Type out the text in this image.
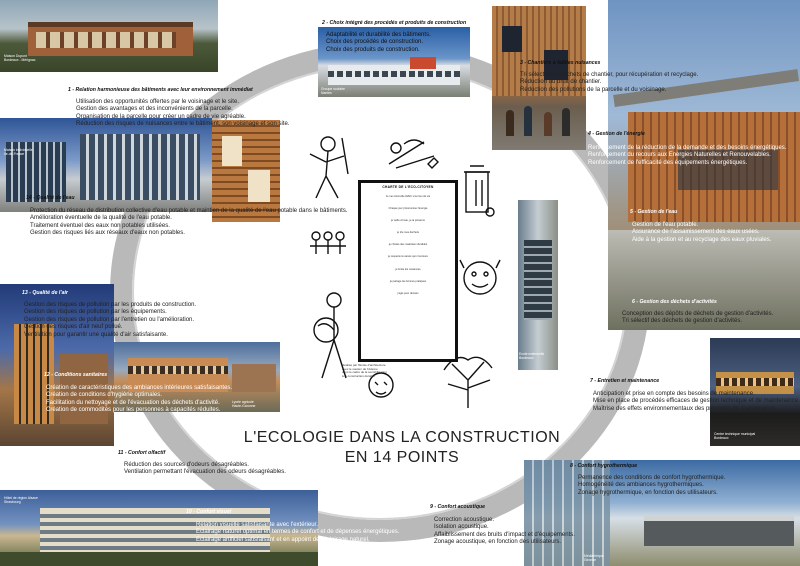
Maison Dupont
Bordeaux - Mérignac
Groupe scolaire
Nantes
Ecole maternelle
Bordeaux
Centre technique municipal
Bordeaux
Médiathèque
Gironde
Hôtel de région Alsace
Strasbourg
Lycée agricole
Haute-Garonne
Maison individuelle
Ile-de-France
CHARTE DE L'ECO-CITOYEN
Je me réconcilie AVEC mon lieu de vie
Chaque jour j'économise l'énergie
je veille à l'eau, je la préserve
je trie mes déchets
je choisis des matériaux durables
je respecte la nature qui m'entoure
je limite les nuisances
je partage les bonnes pratiques
j'agis pour demain
Réalisé par l'Ecole d'architecture
avec le soutien de l'Ademe
dans le cadre de la sensibilisation
à la construction durable
L'ECOLOGIE DANS LA CONSTRUCTION
EN 14 POINTS
1 - Relation harmonieuse des bâtiments avec leur environnement immédiat
Utilisation des opportunités offertes par le voisinage et le site.
Gestion des avantages et des inconvénients de la parcelle.
Organisation de la parcelle pour créer un cadre de vie agréable.
Réduction des risques de nuisances entre le bâtiment, son voisinage et son site.
2 - Choix intégré des procédés et produits de construction
Adaptabilité et durabilité des bâtiments.
Choix des procédés de construction.
Choix des produits de construction.
3 - Chantiers à faibles nuisances
Tri sélectif des déchets de chantier, pour récupération et recyclage.
Réduction du bruit de chantier.
Réduction des pollutions de la parcelle et du voisinage.
4 - Gestion de l'énergie
Renforcement de la réduction de la demande et des besoins énergétiques.
Renforcement du recours aux Energies Naturelles et Renouvelables.
Renforcement de l'efficacité des équipements énergétiques.
5 - Gestion de l'eau
Gestion de l'eau potable.
Assurance de l'assainissement des eaux usées.
Aide à la gestion et au recyclage des eaux pluviales.
6 - Gestion des déchets d'activités
Conception des dépôts de déchets de gestion d'activités.
Tri sélectif des déchets de gestion d'activités.
7 - Entretien et maintenance
Anticipation et prise en compte des besoins de maintenance.
Mise en place de procédés efficaces de gestion technique et de maintenance.
Maîtrise des effets environnementaux des procédés de maintenance.
8 - Confort hygrothermique
Permanence des conditions de confort hygrothermique.
Homogénéité des ambiances hygrothermiques.
Zonage hygrothermique, en fonction des utilisateurs.
9 - Confort acoustique
Correction acoustique.
Isolation acoustique.
Affaiblissement des bruits d'impact et d'équipements.
Zonage acoustique, en fonction des utilisateurs.
10 - Confort visuel
Relation visuelle satisfaisante avec l'extérieur.
Eclairage naturel optimal en termes de confort et de dépenses énergétiques.
Eclairage artificiel satisfaisant et en appoint de l'éclairage naturel.
11 - Confort olfactif
Réduction des sources d'odeurs désagréables.
Ventilation permettant l'évacuation des odeurs désagréables.
12 - Conditions sanitaires
Création de caractéristiques des ambiances intérieures satisfaisantes.
Création de conditions d'hygiène optimales.
Facilitation du nettoyage et de l'évacuation des déchets d'activité.
Création de commodités pour les personnes à capacités réduites.
13 - Qualité de l'air
Gestion des risques de pollution par les produits de construction.
Gestion des risques de pollution par les équipements.
Gestion des risques de pollution par l'entretien ou l'amélioration.
Gestion des risques d'air neuf pollué.
Ventilation pour garantir une qualité d'air satisfaisante.
14 - Qualité de l'eau
Protection du réseau de distribution collective d'eau potable et maintien de la qualité de l'eau potable dans le bâtiments.
Amélioration éventuelle de la qualité de l'eau potable.
Traitement éventuel des eaux non potables utilisées.
Gestion des risques liés aux réseaux d'eaux non potables.
